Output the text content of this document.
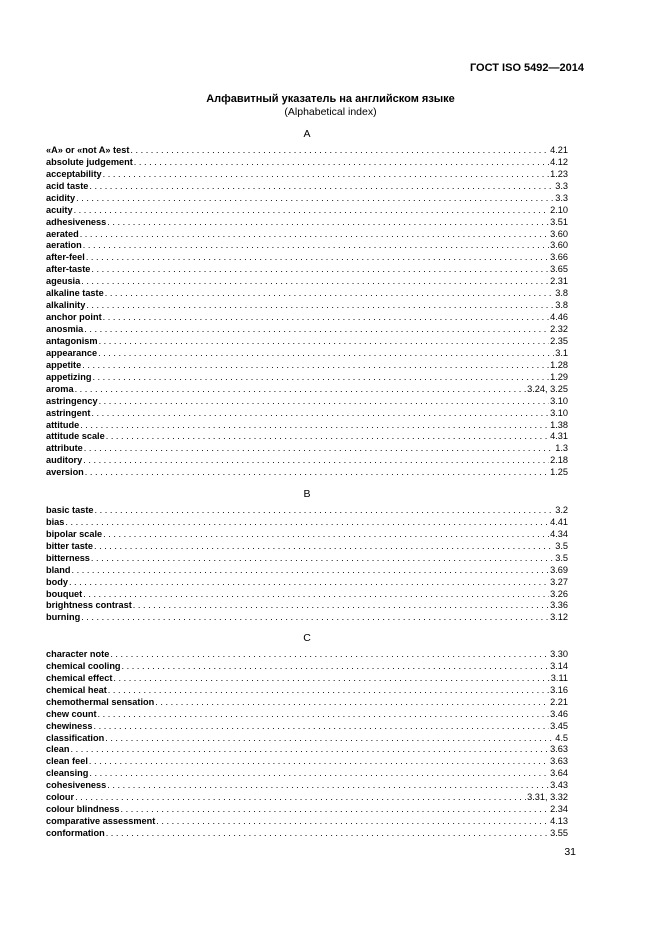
ГОСТ ISO 5492—2014
Алфавитный указатель на английском языке
(Alphabetical index)
A
«A» or «not A» test . . .	4.21
absolute judgement . . .	4.12
acceptability . . .	1.23
acid taste . . .	3.3
acidity . . .	3.3
acuity . . .	2.10
adhesiveness . . .	3.51
aerated . . .	3.60
aeration . . .	3.60
after-feel . . .	3.66
after-taste . . .	3.65
ageusia . . .	2.31
alkaline taste . . .	3.8
alkalinity . . .	3.8
anchor point . . .	4.46
anosmia . . .	2.32
antagonism . . .	2.35
appearance . . .	3.1
appetite . . .	1.28
appetizing . . .	1.29
aroma . . .	3.24, 3.25
astringency . . .	3.10
astringent . . .	3.10
attitude . . .	1.38
attitude scale . . .	4.31
attribute . . .	1.3
auditory . . .	2.18
aversion . . .	1.25
B
basic taste . . .	3.2
bias . . .	4.41
bipolar scale . . .	4.34
bitter taste . . .	3.5
bitterness . . .	3.5
bland . . .	3.69
body . . .	3.27
bouquet . . .	3.26
brightness contrast . . .	3.36
burning . . .	3.12
C
character note . . .	3.30
chemical cooling . . .	3.14
chemical effect . . .	3.11
chemical heat . . .	3.16
chemothermal sensation . . .	2.21
chew count . . .	3.46
chewiness . . .	3.45
classification . . .	4.5
clean . . .	3.63
clean feel . . .	3.63
cleansing . . .	3.64
cohesiveness . . .	3.43
colour . . .	3.31, 3.32
colour blindness . . .	2.34
comparative assessment . . .	4.13
conformation . . .	3.55
31
